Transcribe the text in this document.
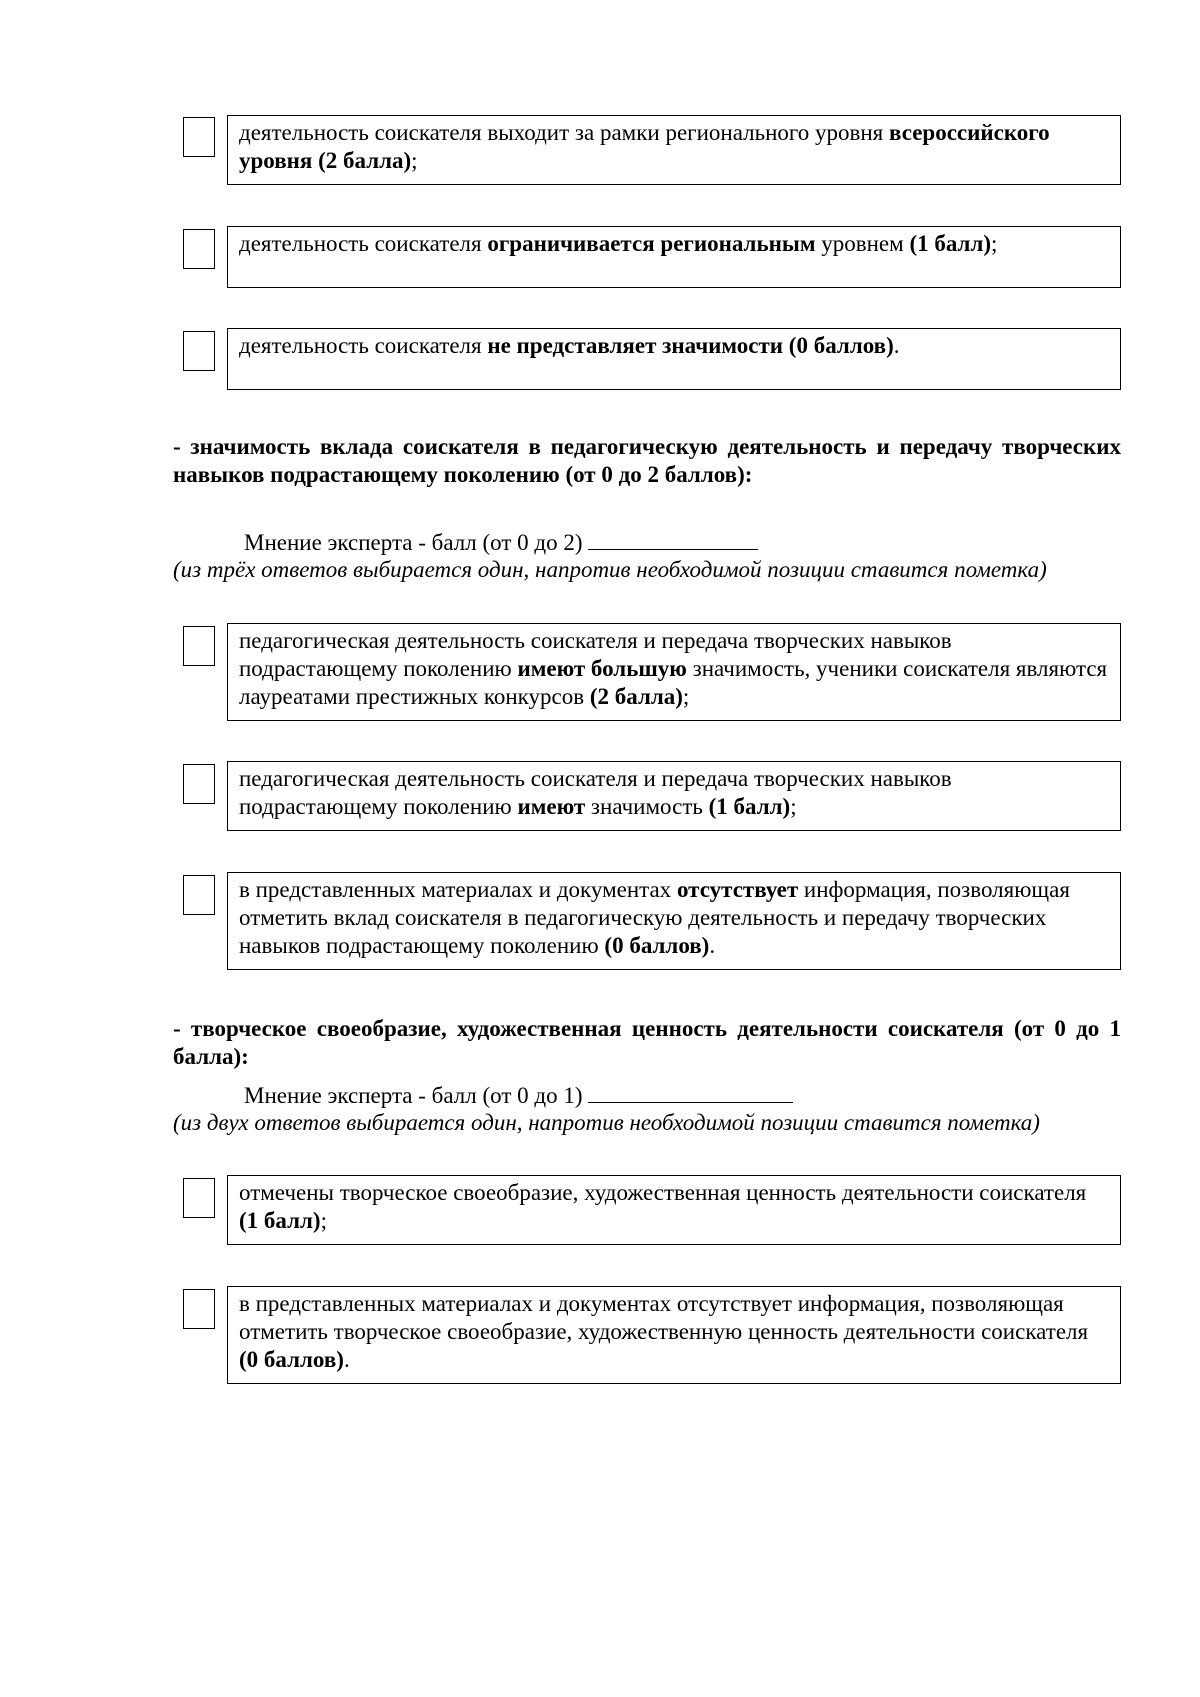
деятельность соискателя выходит за рамки регионального уровня всероссийского уровня (2 балла);
деятельность соискателя ограничивается региональным уровнем (1 балл);
деятельность соискателя не представляет значимости (0 баллов).
- значимость вклада соискателя в педагогическую деятельность и передачу творческих навыков подрастающему поколению (от 0 до 2 баллов):
Мнение эксперта - балл (от 0 до 2)
(из трёх ответов выбирается один, напротив необходимой позиции ставится пометка)
педагогическая деятельность соискателя и передача творческих навыков подрастающему поколению имеют большую значимость, ученики соискателя являются лауреатами престижных конкурсов (2 балла);
педагогическая деятельность соискателя и передача творческих навыков подрастающему поколению имеют значимость (1 балл);
в представленных материалах и документах отсутствует информация, позволяющая отметить вклад соискателя в педагогическую деятельность и передачу творческих навыков подрастающему поколению (0 баллов).
- творческое своеобразие, художественная ценность деятельности соискателя (от 0 до 1 балла):
Мнение эксперта - балл (от 0 до 1)
(из двух ответов выбирается один, напротив необходимой позиции ставится пометка)
отмечены творческое своеобразие, художественная ценность деятельности соискателя (1 балл);
в представленных материалах и документах отсутствует информация, позволяющая отметить творческое своеобразие, художественную ценность деятельности соискателя (0 баллов).
